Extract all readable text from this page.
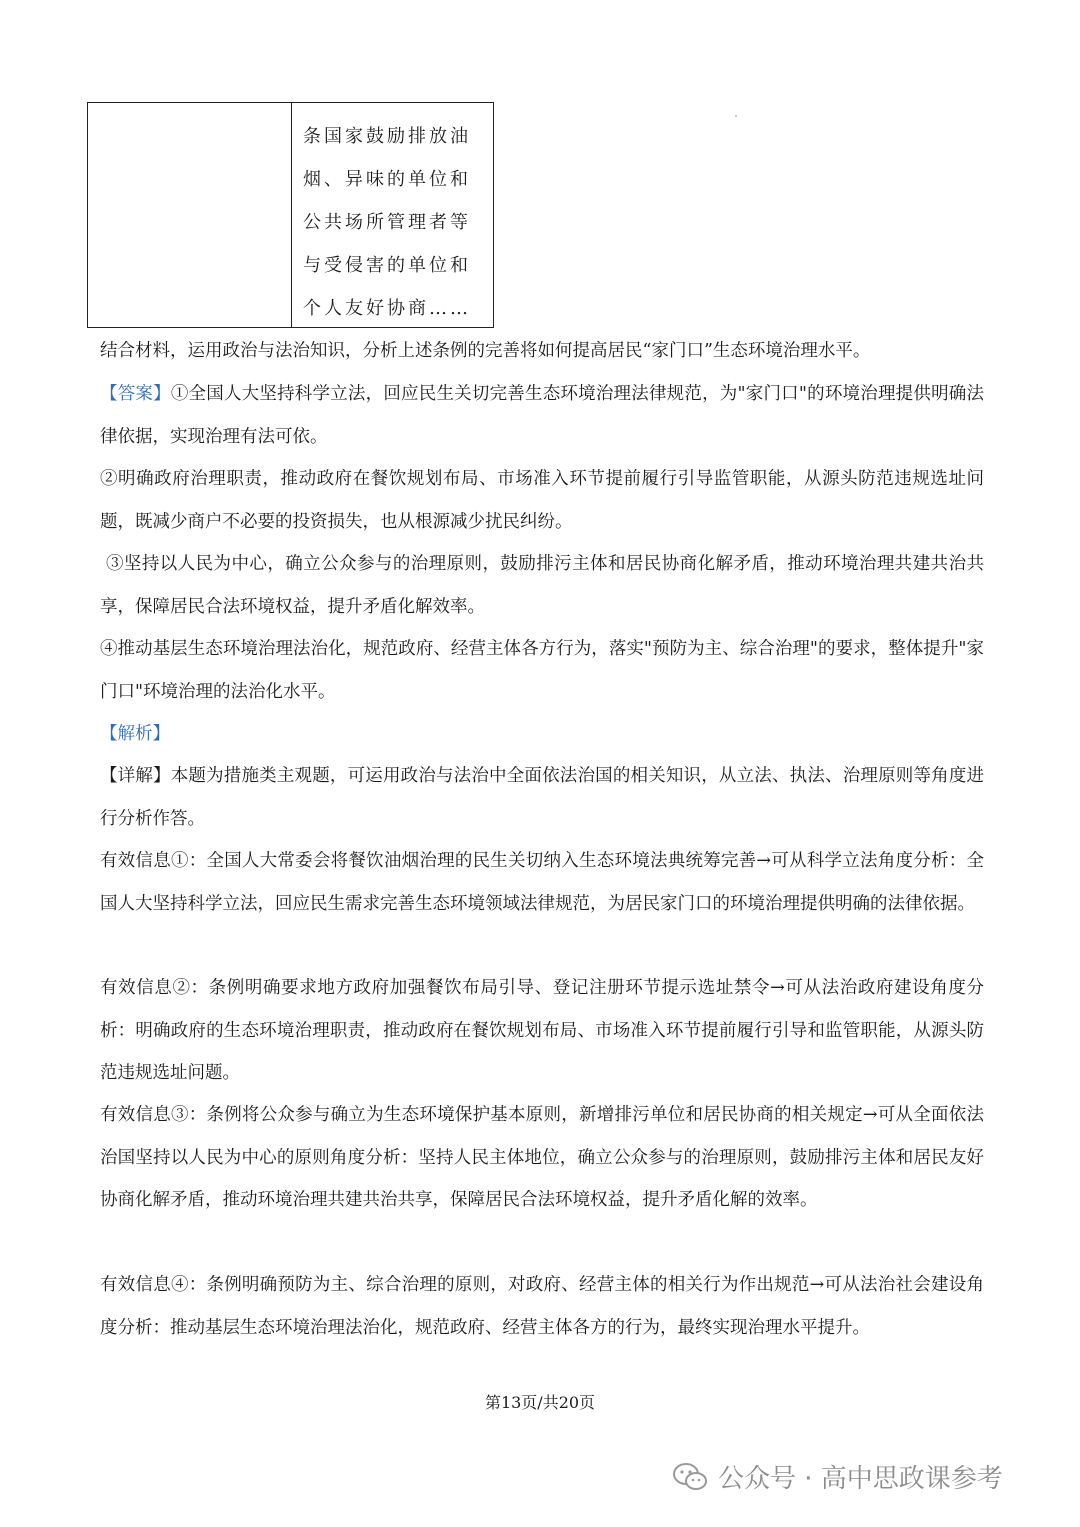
条国家鼓励排放油烟、异味的单位和公共场所管理者等与受侵害的单位和个人友好协商……
结合材料，运用政治与法治知识，分析上述条例的完善将如何提高居民“家门口”生态环境治理水平。
【答案】①全国人大坚持科学立法，回应民生关切完善生态环境治理法律规范，为"家门口"的环境治理提供明确法律依据，实现治理有法可依。
②明确政府治理职责，推动政府在餐饮规划布局、市场准入环节提前履行引导监管职能，从源头防范违规选址问题，既减少商户不必要的投资损失，也从根源减少扰民纠纷。
③坚持以人民为中心，确立公众参与的治理原则，鼓励排污主体和居民协商化解矛盾，推动环境治理共建共治共享，保障居民合法环境权益，提升矛盾化解效率。
④推动基层生态环境治理法治化，规范政府、经营主体各方行为，落实"预防为主、综合治理"的要求，整体提升"家门口"环境治理的法治化水平。
【解析】
【详解】本题为措施类主观题，可运用政治与法治中全面依法治国的相关知识，从立法、执法、治理原则等角度进行分析作答。
有效信息①：全国人大常委会将餐饮油烟治理的民生关切纳入生态环境法典统筹完善→可从科学立法角度分析：全国人大坚持科学立法，回应民生需求完善生态环境领域法律规范，为居民家门口的环境治理提供明确的法律依据。
有效信息②：条例明确要求地方政府加强餐饮布局引导、登记注册环节提示选址禁令→可从法治政府建设角度分析：明确政府的生态环境治理职责，推动政府在餐饮规划布局、市场准入环节提前履行引导和监管职能，从源头防范违规选址问题。
有效信息③：条例将公众参与确立为生态环境保护基本原则，新增排污单位和居民协商的相关规定→可从全面依法治国坚持以人民为中心的原则角度分析：坚持人民主体地位，确立公众参与的治理原则，鼓励排污主体和居民友好协商化解矛盾，推动环境治理共建共治共享，保障居民合法环境权益，提升矛盾化解的效率。
有效信息④：条例明确预防为主、综合治理的原则，对政府、经营主体的相关行为作出规范→可从法治社会建设角度分析：推动基层生态环境治理法治化，规范政府、经营主体各方的行为，最终实现治理水平提升。
第13页/共20页
公众号 · 高中思政课参考
